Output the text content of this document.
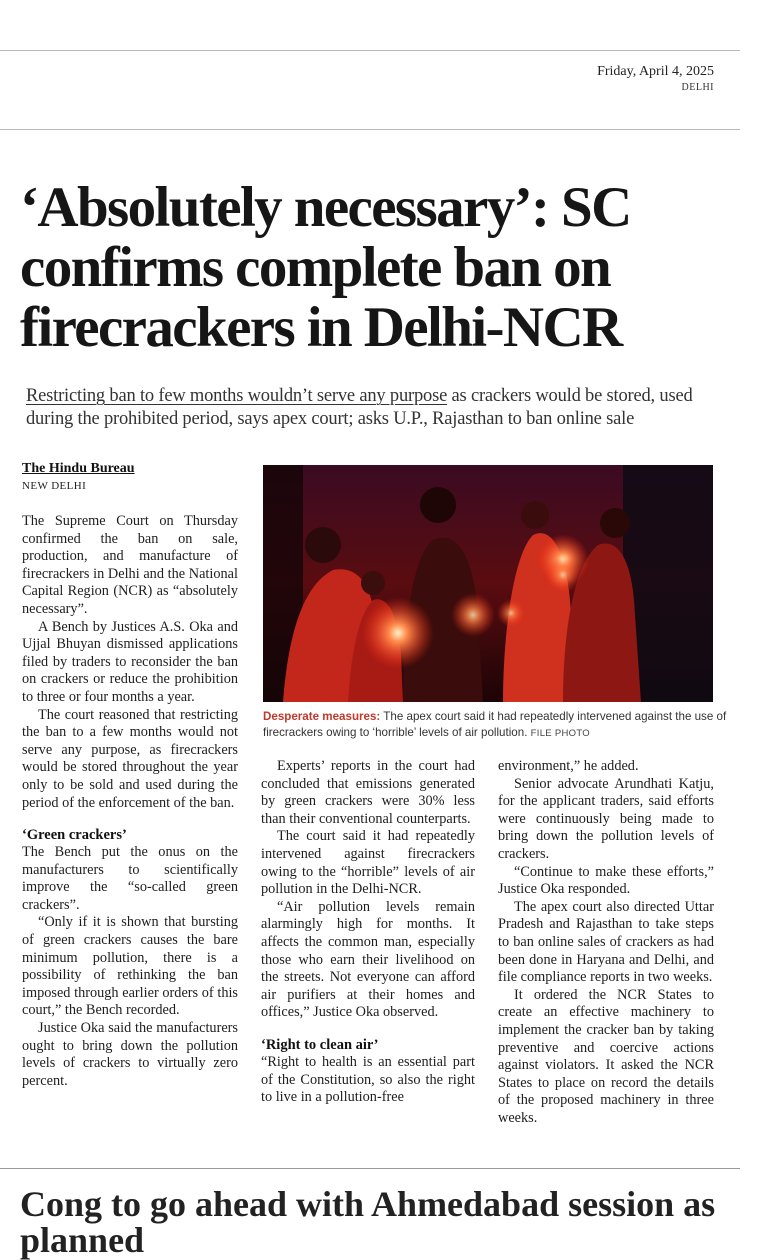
Friday, April 4, 2025
DELHI
‘Absolutely necessary’: SC confirms complete ban on firecrackers in Delhi-NCR
Restricting ban to few months wouldn’t serve any purpose as crackers would be stored, used during the prohibited period, says apex court; asks U.P., Rajasthan to ban online sale
The Hindu Bureau
NEW DELHI
Desperate measures: The apex court said it had repeatedly intervened against the use of firecrackers owing to ‘horrible’ levels of air pollution. FILE PHOTO

The Supreme Court on Thursday confirmed the ban on sale, production, and manufacture of firecrackers in Delhi and the National Capital Region (NCR) as “absolutely necessary”.

A Bench by Justices A.S. Oka and Ujjal Bhuyan dismissed applications filed by traders to reconsider the ban on crackers or reduce the prohibition to three or four months a year.

The court reasoned that restricting the ban to a few months would not serve any purpose, as firecrackers would be stored throughout the year only to be sold and used during the period of the enforcement of the ban.

‘Green crackers’

The Bench put the onus on the manufacturers to scientifically improve the “so-called green crackers”.

“Only if it is shown that bursting of green crackers causes the bare minimum pollution, there is a possibility of rethinking the ban imposed through earlier orders of this court,” the Bench recorded.

Justice Oka said the manufacturers ought to bring down the pollution levels of crackers to virtually zero percent.

Experts’ reports in the court had concluded that emissions generated by green crackers were 30% less than their conventional counterparts.

The court said it had repeatedly intervened against firecrackers owing to the “horrible” levels of air pollution in the Delhi-NCR.

“Air pollution levels remain alarmingly high for months. It affects the common man, especially those who earn their livelihood on the streets. Not everyone can afford air purifiers at their homes and offices,” Justice Oka observed.

‘Right to clean air’

“Right to health is an essential part of the Constitution, so also the right to live in a pollution-free

environment,” he added.

Senior advocate Arundhati Katju, for the applicant traders, said efforts were continuously being made to bring down the pollution levels of crackers.

“Continue to make these efforts,” Justice Oka responded.

The apex court also directed Uttar Pradesh and Rajasthan to take steps to ban online sales of crackers as had been done in Haryana and Delhi, and file compliance reports in two weeks.

It ordered the NCR States to create an effective machinery to implement the cracker ban by taking preventive and coercive actions against violators. It asked the NCR States to place on record the details of the proposed machinery in three weeks.

Cong to go ahead with Ahmedabad session as planned
